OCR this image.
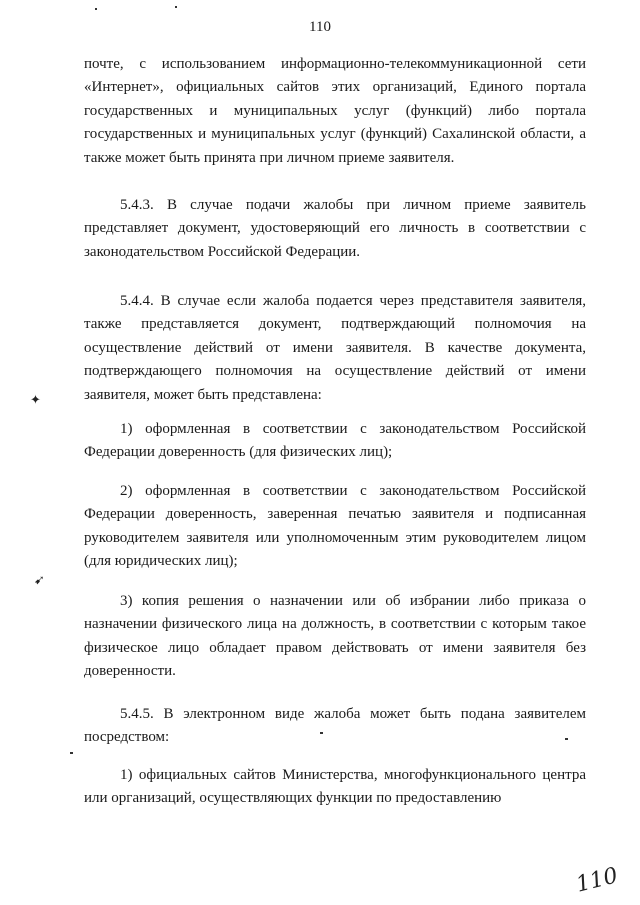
110

почте, с использованием информационно-телекоммуникационной сети «Интернет», официальных сайтов этих организаций, Единого портала государственных и муниципальных услуг (функций) либо портала государственных и муниципальных услуг (функций) Сахалинской области, а также может быть принята при личном приеме заявителя.

5.4.3. В случае подачи жалобы при личном приеме заявитель представляет документ, удостоверяющий его личность в соответствии с законодательством Российской Федерации.

5.4.4. В случае если жалоба подается через представителя заявителя, также представляется документ, подтверждающий полномочия на осуществление действий от имени заявителя. В качестве документа, подтверждающего полномочия на осуществление действий от имени заявителя, может быть представлена:

1) оформленная в соответствии с законодательством Российской Федерации доверенность (для физических лиц);

2) оформленная в соответствии с законодательством Российской Федерации доверенность, заверенная печатью заявителя и подписанная руководителем заявителя или уполномоченным этим руководителем лицом (для юридических лиц);

3) копия решения о назначении или об избрании либо приказа о назначении физического лица на должность, в соответствии с которым такое физическое лицо обладает правом действовать от имени заявителя без доверенности.

5.4.5. В электронном виде жалоба может быть подана заявителем посредством:

1) официальных сайтов Министерства, многофункционального центра или организаций, осуществляющих функции по предоставлению

✦
➹
110
